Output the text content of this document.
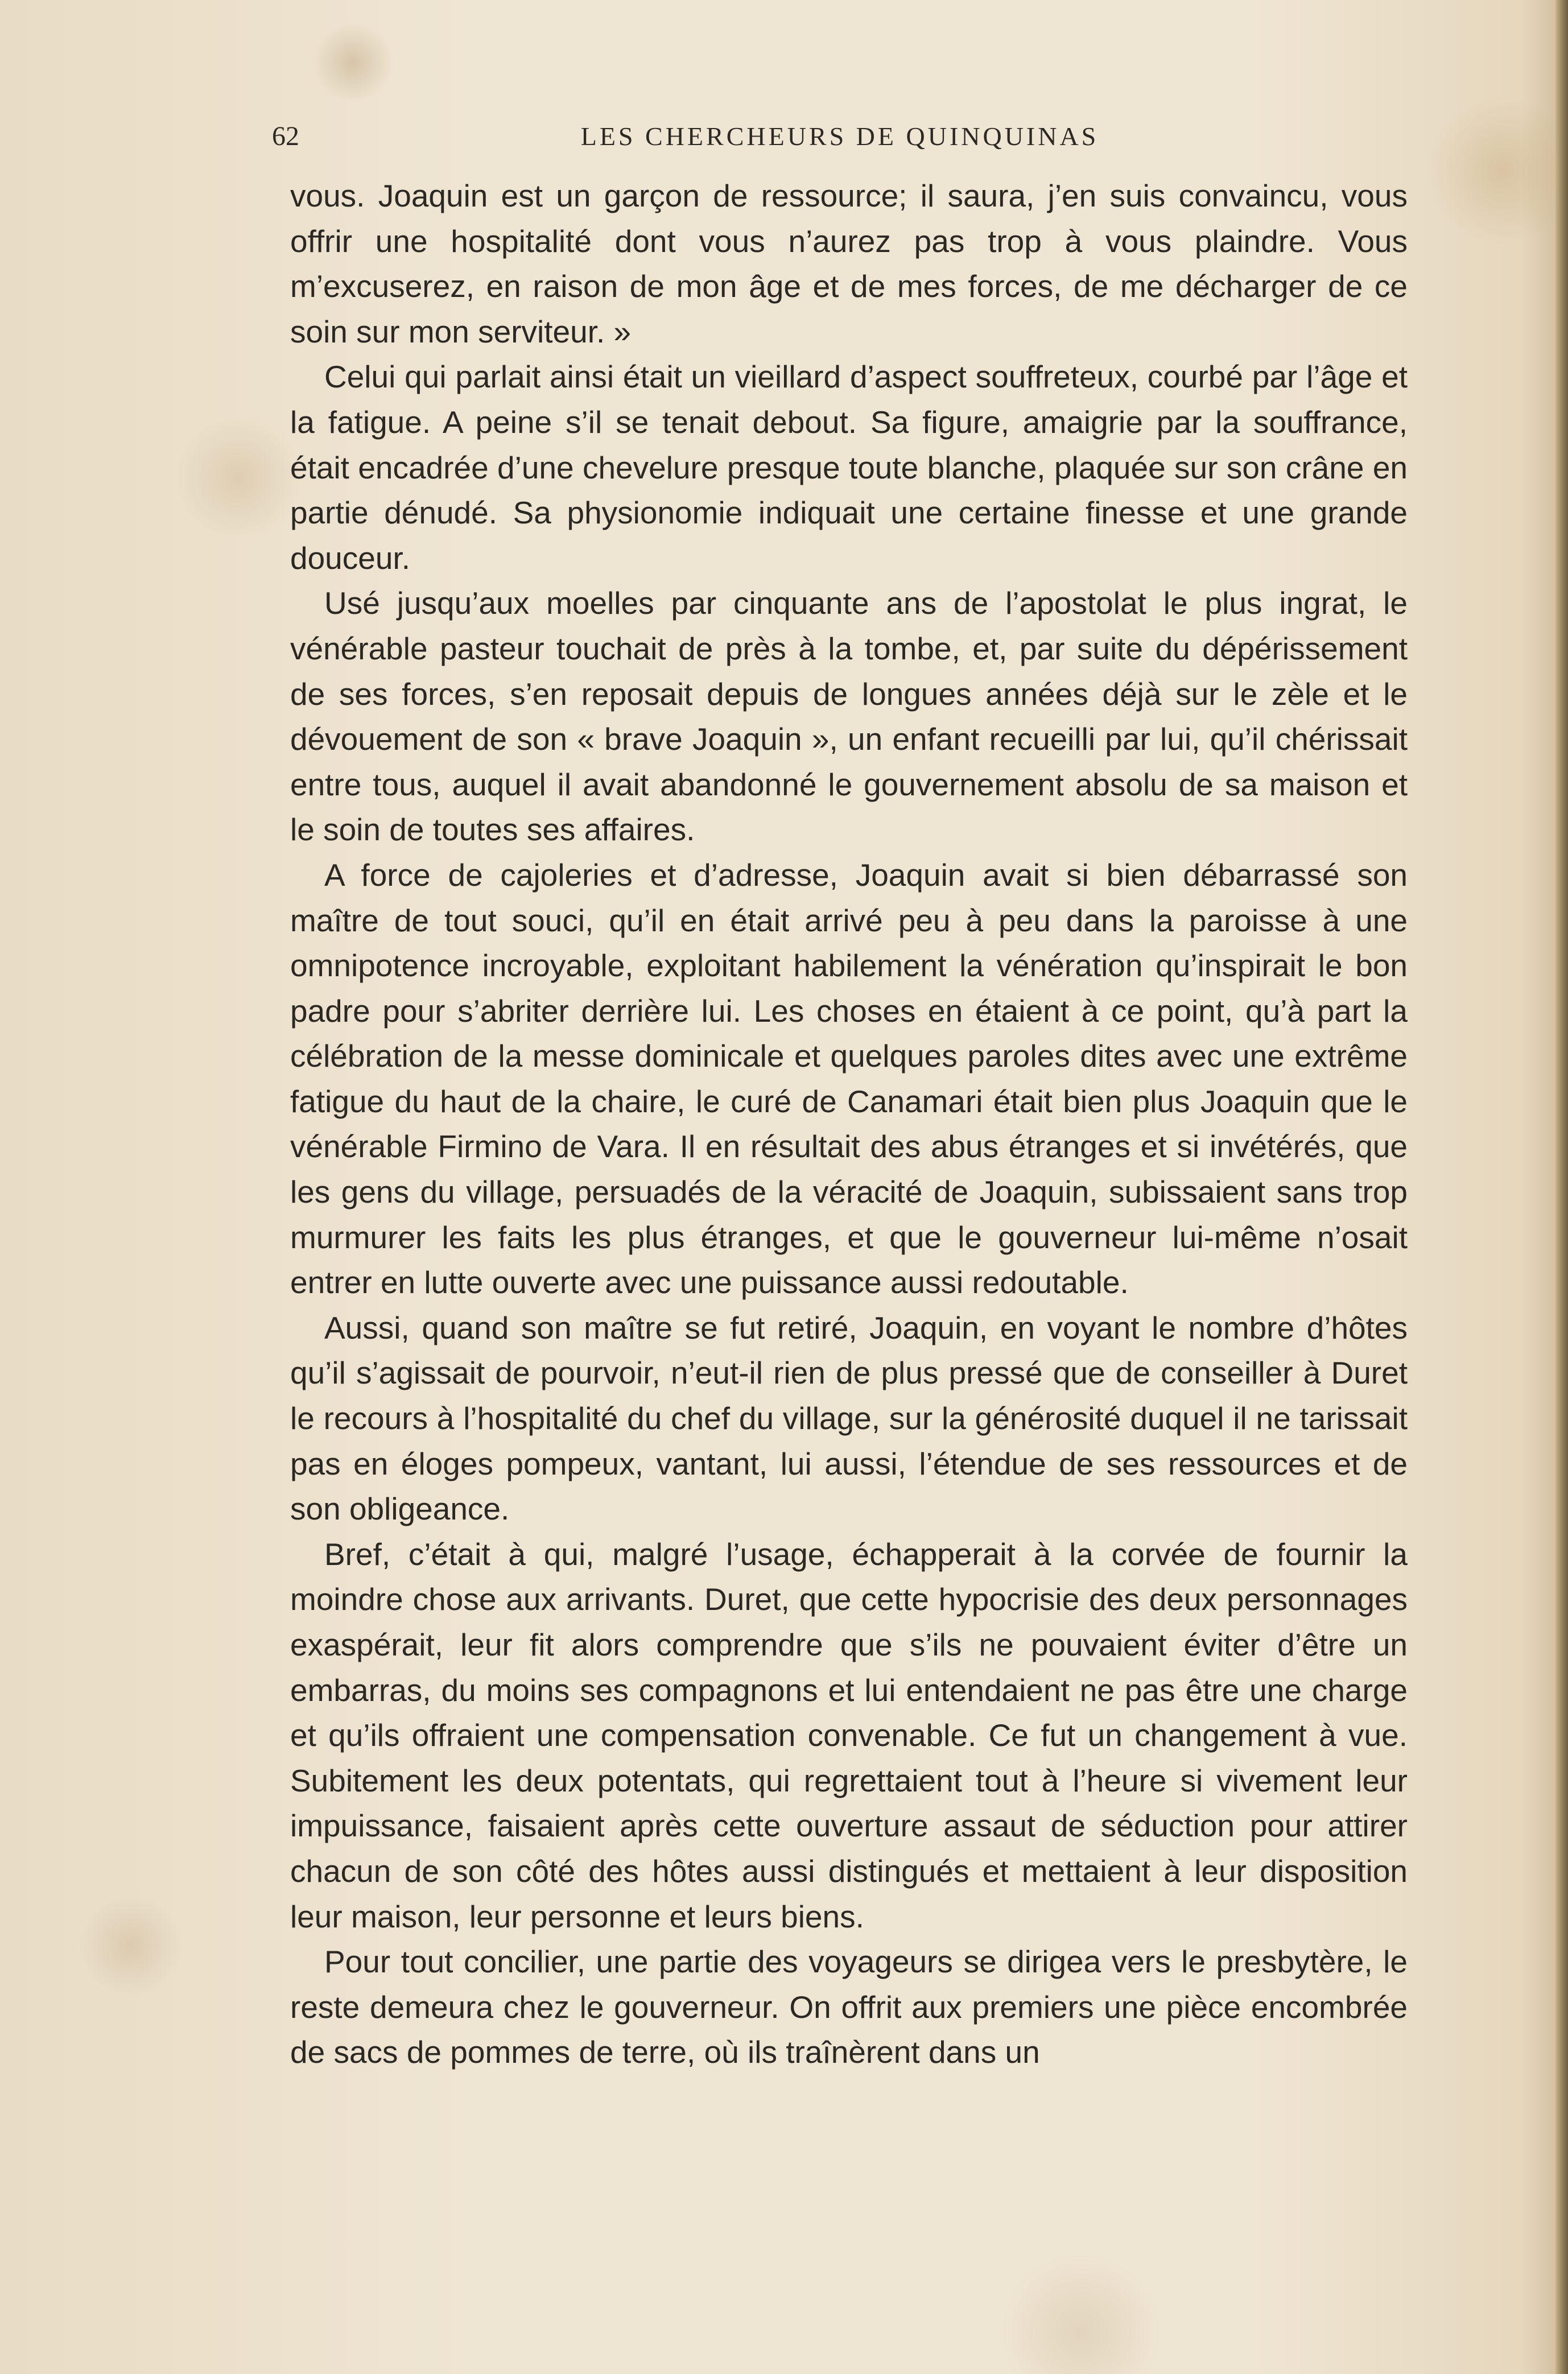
62	LES CHERCHEURS DE QUINQUINAS

vous. Joaquin est un garçon de ressource; il saura, j’en suis convaincu, vous offrir une hospitalité dont vous n’aurez pas trop à vous plaindre. Vous m’excuserez, en raison de mon âge et de mes forces, de me décharger de ce soin sur mon serviteur. »

Celui qui parlait ainsi était un vieillard d’aspect souffreteux, courbé par l’âge et la fatigue. A peine s’il se tenait debout. Sa figure, amaigrie par la souffrance, était encadrée d’une chevelure presque toute blanche, plaquée sur son crâne en partie dénudé. Sa physionomie indiquait une certaine finesse et une grande douceur.

Usé jusqu’aux moelles par cinquante ans de l’apostolat le plus ingrat, le vénérable pasteur touchait de près à la tombe, et, par suite du dépérissement de ses forces, s’en reposait depuis de longues années déjà sur le zèle et le dévouement de son « brave Joaquin », un enfant recueilli par lui, qu’il chérissait entre tous, auquel il avait abandonné le gouvernement absolu de sa maison et le soin de toutes ses affaires.

A force de cajoleries et d’adresse, Joaquin avait si bien débarrassé son maître de tout souci, qu’il en était arrivé peu à peu dans la paroisse à une omnipotence incroyable, exploitant habilement la vénération qu’inspirait le bon padre pour s’abriter derrière lui. Les choses en étaient à ce point, qu’à part la célébration de la messe dominicale et quelques paroles dites avec une extrême fatigue du haut de la chaire, le curé de Canamari était bien plus Joaquin que le vénérable Firmino de Vara. Il en résultait des abus étranges et si invétérés, que les gens du village, persuadés de la véracité de Joaquin, subissaient sans trop murmurer les faits les plus étranges, et que le gouverneur lui-même n’osait entrer en lutte ouverte avec une puissance aussi redoutable.

Aussi, quand son maître se fut retiré, Joaquin, en voyant le nombre d’hôtes qu’il s’agissait de pourvoir, n’eut-il rien de plus pressé que de conseiller à Duret le recours à l’hospitalité du chef du village, sur la générosité duquel il ne tarissait pas en éloges pompeux, vantant, lui aussi, l’étendue de ses ressources et de son obligeance.

Bref, c’était à qui, malgré l’usage, échapperait à la corvée de fournir la moindre chose aux arrivants. Duret, que cette hypocrisie des deux personnages exaspérait, leur fit alors comprendre que s’ils ne pouvaient éviter d’être un embarras, du moins ses compagnons et lui entendaient ne pas être une charge et qu’ils offraient une compensation convenable. Ce fut un changement à vue. Subitement les deux potentats, qui regrettaient tout à l’heure si vivement leur impuissance, faisaient après cette ouverture assaut de séduction pour attirer chacun de son côté des hôtes aussi distingués et mettaient à leur disposition leur maison, leur personne et leurs biens.

Pour tout concilier, une partie des voyageurs se dirigea vers le presbytère, le reste demeura chez le gouverneur. On offrit aux premiers une pièce encombrée de sacs de pommes de terre, où ils traînèrent dans un
